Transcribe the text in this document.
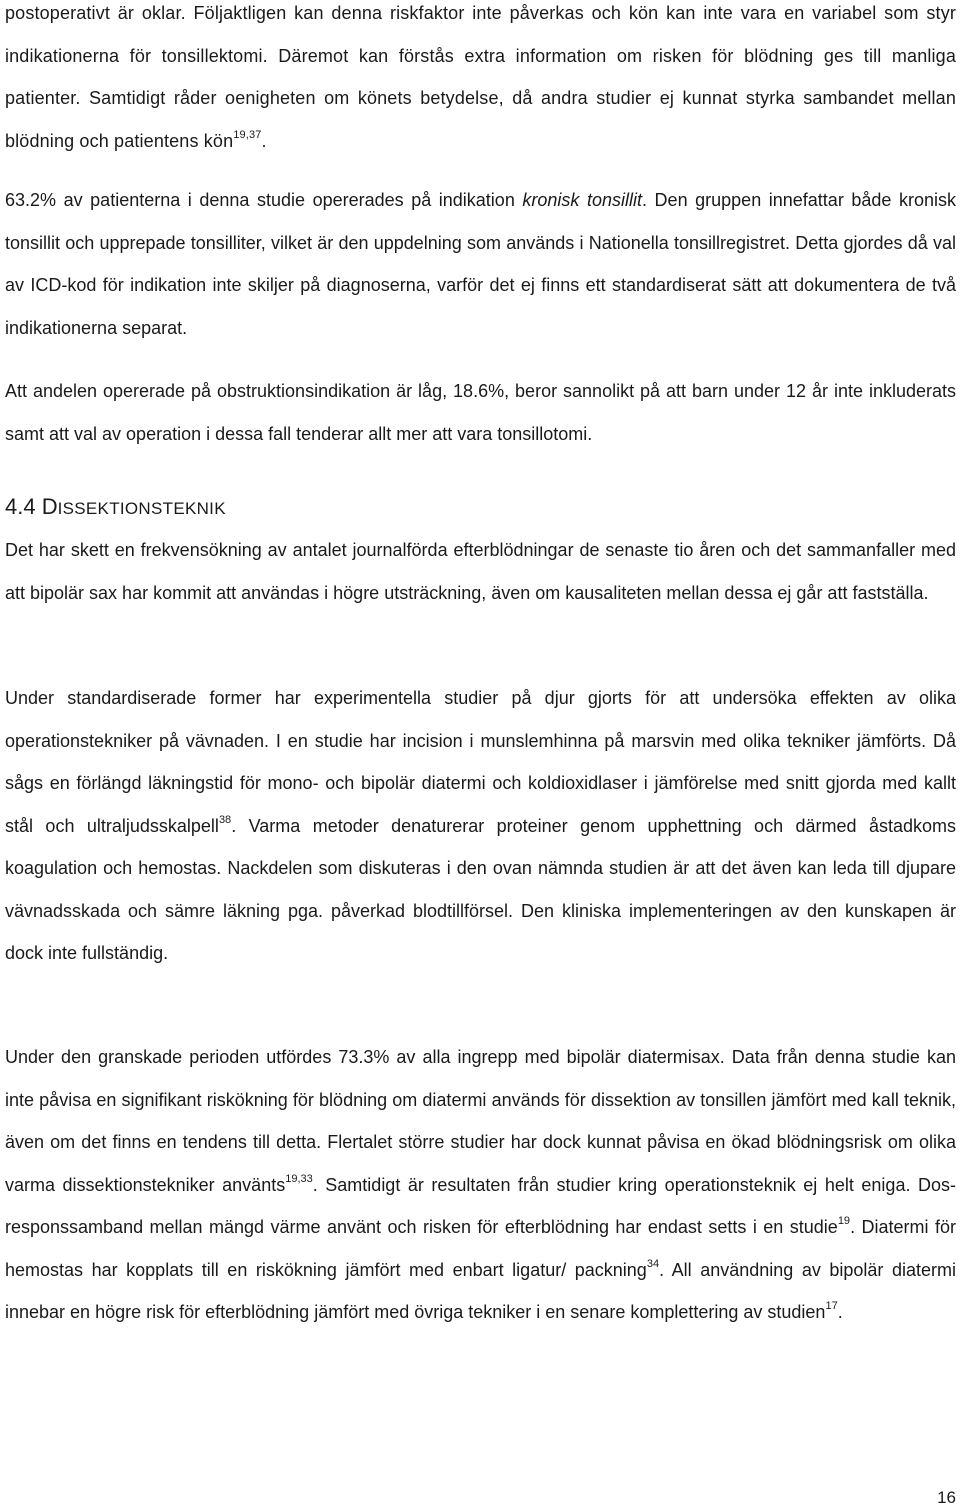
postoperativt är oklar. Följaktligen kan denna riskfaktor inte påverkas och kön kan inte vara en variabel som styr indikationerna för tonsillektomi. Däremot kan förstås extra information om risken för blödning ges till manliga patienter. Samtidigt råder oenigheten om könets betydelse, då andra studier ej kunnat styrka sambandet mellan blödning och patientens kön$^{19,37}$.

63.2% av patienterna i denna studie opererades på indikation kronisk tonsillit. Den gruppen innefattar både kronisk tonsillit och upprepade tonsilliter, vilket är den uppdelning som används i Nationella tonsillregistret. Detta gjordes då val av ICD-kod för indikation inte skiljer på diagnoserna, varför det ej finns ett standardiserat sätt att dokumentera de två indikationerna separat.

Att andelen opererade på obstruktionsindikation är låg, 18.6%, beror sannolikt på att barn under 12 år inte inkluderats samt att val av operation i dessa fall tenderar allt mer att vara tonsillotomi.

4.4 DISSEKTIONSTEKNIK

Det har skett en frekvensökning av antalet journalförda efterblödningar de senaste tio åren och det sammanfaller med att bipolär sax har kommit att användas i högre utsträckning, även om kausaliteten mellan dessa ej går att fastställa.

Under standardiserade former har experimentella studier på djur gjorts för att undersöka effekten av olika operationstekniker på vävnaden. I en studie har incision i munslemhinna på marsvin med olika tekniker jämförts. Då sågs en förlängd läkningstid för mono- och bipolär diatermi och koldioxidlaser i jämförelse med snitt gjorda med kallt stål och ultraljudsskalpell$^{38}$. Varma metoder denaturerar proteiner genom upphettning och därmed åstadkoms koagulation och hemostas. Nackdelen som diskuteras i den ovan nämnda studien är att det även kan leda till djupare vävnadsskada och sämre läkning pga. påverkad blodtillförsel. Den kliniska implementeringen av den kunskapen är dock inte fullständig.

Under den granskade perioden utfördes 73.3% av alla ingrepp med bipolär diatermisax. Data från denna studie kan inte påvisa en signifikant riskökning för blödning om diatermi används för dissektion av tonsillen jämfört med kall teknik, även om det finns en tendens till detta. Flertalet större studier har dock kunnat påvisa en ökad blödningsrisk om olika varma dissektionstekniker använts$^{19,33}$. Samtidigt är resultaten från studier kring operationsteknik ej helt eniga. Dos-responssamband mellan mängd värme använt och risken för efterblödning har endast setts i en studie$^{19}$. Diatermi för hemostas har kopplats till en riskökning jämfört med enbart ligatur/ packning$^{34}$. All användning av bipolär diatermi innebar en högre risk för efterblödning jämfört med övriga tekniker i en senare komplettering av studien$^{17}$.

16
